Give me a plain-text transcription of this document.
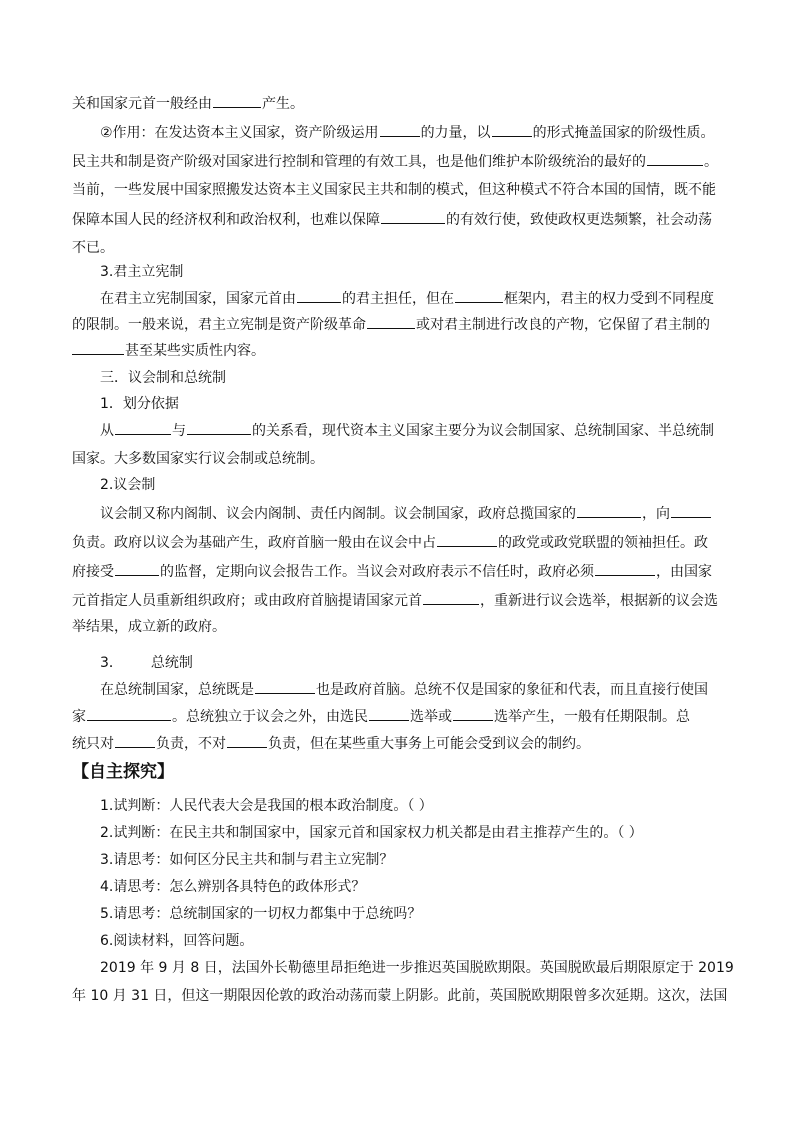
关和国家元首一般经由	产生。
②作用：在发达资本主义国家，资产阶级运用	的力量，以	的形式掩盖国家的阶级性质。
民主共和制是资产阶级对国家进行控制和管理的有效工具，也是他们维护本阶级统治的最好的	。
当前，一些发展中国家照搬发达资本主义国家民主共和制的模式，但这种模式不符合本国的国情，既不能
保障本国人民的经济权利和政治权利，也难以保障	的有效行使，致使政权更迭频繁，社会动荡
不已。
3.君主立宪制
在君主立宪制国家，国家元首由	的君主担任，但在	框架内，君主的权力受到不同程度
的限制。一般来说，君主立宪制是资产阶级革命	或对君主制进行改良的产物，它保留了君主制的
甚至某些实质性内容。
三．议会制和总统制
1．划分依据
从	与	的关系看，现代资本主义国家主要分为议会制国家、总统制国家、半总统制
国家。大多数国家实行议会制或总统制。
2.议会制
议会制又称内阁制、议会内阁制、责任内阁制。议会制国家，政府总揽国家的	，向
负责。政府以议会为基础产生，政府首脑一般由在议会中占	的政党或政党联盟的领袖担任。政
府接受	的监督，定期向议会报告工作。当议会对政府表示不信任时，政府必须	，由国家
元首指定人员重新组织政府；或由政府首脑提请国家元首	，重新进行议会选举，根据新的议会选
举结果，成立新的政府。
3． 总统制
在总统制国家，总统既是	也是政府首脑。总统不仅是国家的象征和代表，而且直接行使国
家	。总统独立于议会之外，由选民	选举或	选举产生，一般有任期限制。总
统只对	负责，不对	负责，但在某些重大事务上可能会受到议会的制约。
【自主探究】
1.试判断：人民代表大会是我国的根本政治制度。（ ）
2.试判断：在民主共和制国家中，国家元首和国家权力机关都是由君主推荐产生的。（ ）
3.请思考：如何区分民主共和制与君主立宪制？
4.请思考：怎么辨别各具特色的政体形式？
5.请思考：总统制国家的一切权力都集中于总统吗？
6.阅读材料，回答问题。
2019 年 9 月 8 日，法国外长勒德里昂拒绝进一步推迟英国脱欧期限。英国脱欧最后期限原定于 2019
年 10 月 31 日，但这一期限因伦敦的政治动荡而蒙上阴影。此前，英国脱欧期限曾多次延期。这次，法国
